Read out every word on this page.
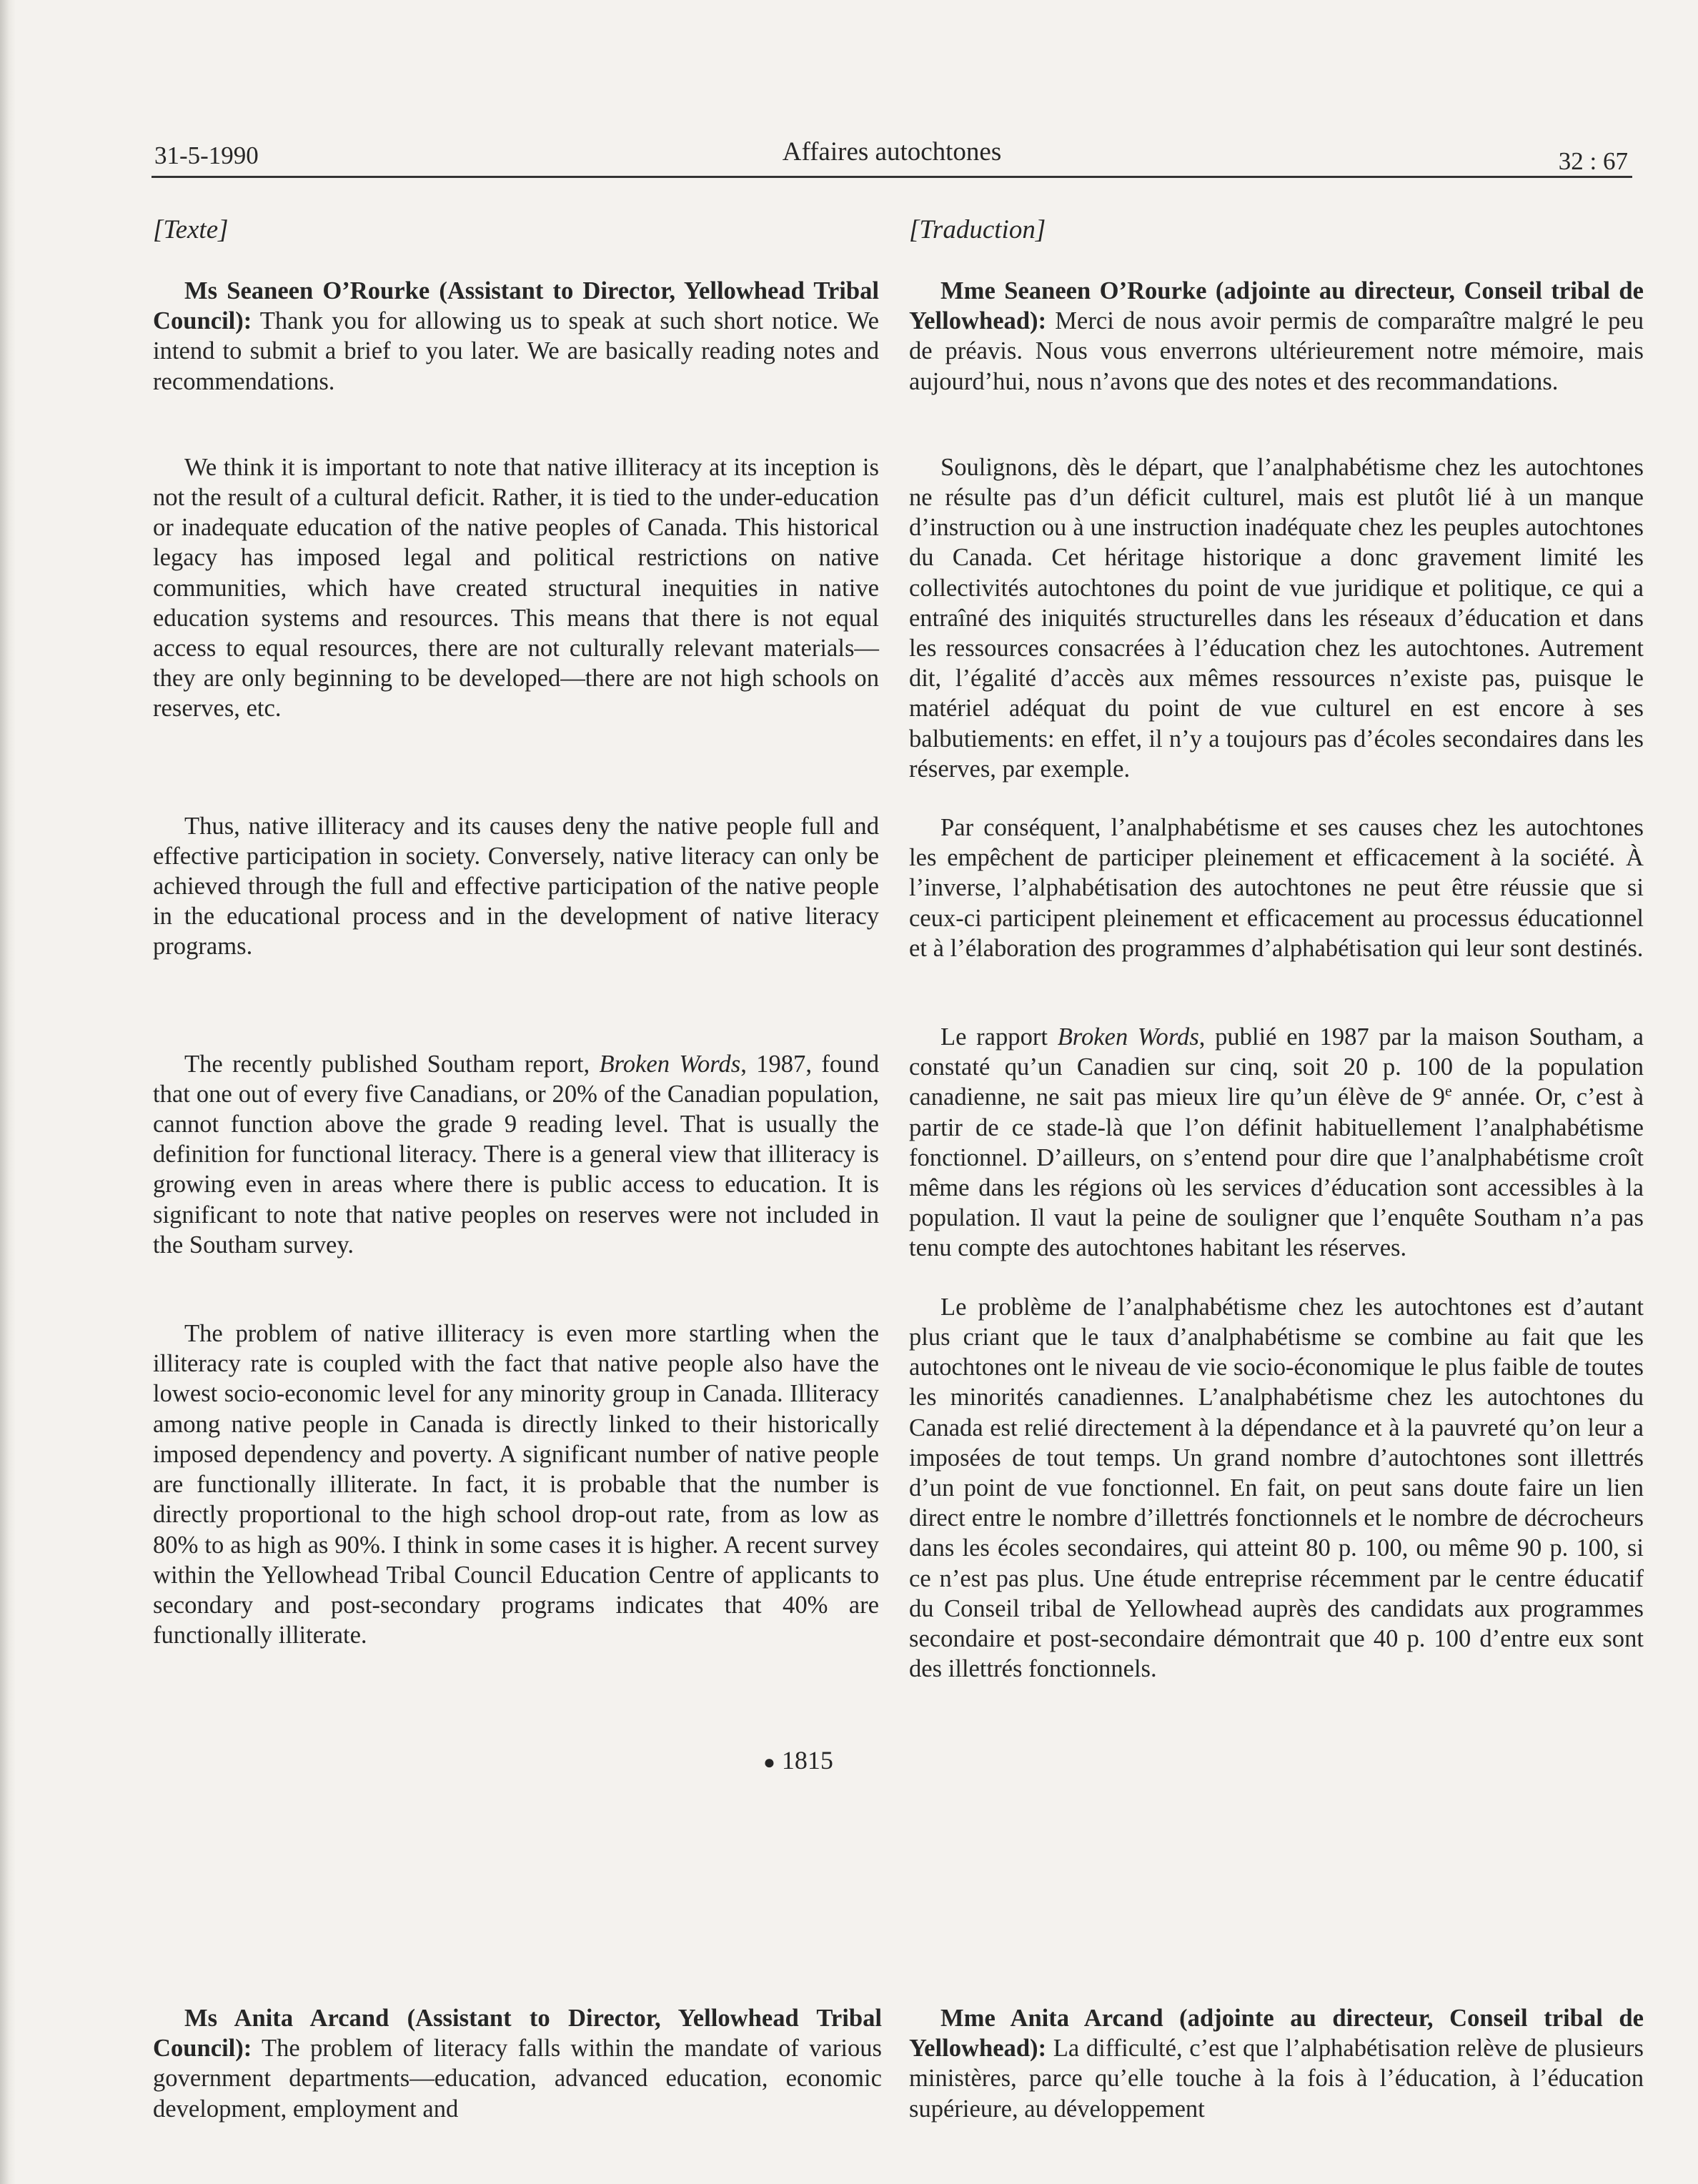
31-5-1990	Affaires autochtones	32 : 67
[Texte]

Ms Seaneen O’Rourke (Assistant to Director, Yellowhead Tribal Council): Thank you for allowing us to speak at such short notice. We intend to submit a brief to you later. We are basically reading notes and recommendations.

We think it is important to note that native illiteracy at its inception is not the result of a cultural deficit. Rather, it is tied to the under-education or inadequate education of the native peoples of Canada. This historical legacy has imposed legal and political restrictions on native communities, which have created structural inequities in native education systems and resources. This means that there is not equal access to equal resources, there are not culturally relevant materials—they are only beginning to be developed—there are not high schools on reserves, etc.

Thus, native illiteracy and its causes deny the native people full and effective participation in society. Conversely, native literacy can only be achieved through the full and effective participation of the native people in the educational process and in the development of native literacy programs.

The recently published Southam report, Broken Words, 1987, found that one out of every five Canadians, or 20% of the Canadian population, cannot function above the grade 9 reading level. That is usually the definition for functional literacy. There is a general view that illiteracy is growing even in areas where there is public access to education. It is significant to note that native peoples on reserves were not included in the Southam survey.

The problem of native illiteracy is even more startling when the illiteracy rate is coupled with the fact that native people also have the lowest socio-economic level for any minority group in Canada. Illiteracy among native people in Canada is directly linked to their historically imposed dependency and poverty. A significant number of native people are functionally illiterate. In fact, it is probable that the number is directly proportional to the high school drop-out rate, from as low as 80% to as high as 90%. I think in some cases it is higher. A recent survey within the Yellowhead Tribal Council Education Centre of applicants to secondary and post-secondary programs indicates that 40% are functionally illiterate.

● 1815
[Traduction]

Mme Seaneen O’Rourke (adjointe au directeur, Conseil tribal de Yellowhead): Merci de nous avoir permis de comparaître malgré le peu de préavis. Nous vous enverrons ultérieurement notre mémoire, mais aujourd’hui, nous n’avons que des notes et des recommandations.

Soulignons, dès le départ, que l’analphabétisme chez les autochtones ne résulte pas d’un déficit culturel, mais est plutôt lié à un manque d’instruction ou à une instruction inadéquate chez les peuples autochtones du Canada. Cet héritage historique a donc gravement limité les collectivités autochtones du point de vue juridique et politique, ce qui a entraîné des iniquités structurelles dans les réseaux d’éducation et dans les ressources consacrées à l’éducation chez les autochtones. Autrement dit, l’égalité d’accès aux mêmes ressources n’existe pas, puisque le matériel adéquat du point de vue culturel en est encore à ses balbutiements: en effet, il n’y a toujours pas d’écoles secondaires dans les réserves, par exemple.

Par conséquent, l’analphabétisme et ses causes chez les autochtones les empêchent de participer pleinement et efficacement à la société. À l’inverse, l’alphabétisation des autochtones ne peut être réussie que si ceux-ci participent pleinement et efficacement au processus éducationnel et à l’élaboration des programmes d’alphabétisation qui leur sont destinés.

Le rapport Broken Words, publié en 1987 par la maison Southam, a constaté qu’un Canadien sur cinq, soit 20 p. 100 de la population canadienne, ne sait pas mieux lire qu’un élève de 9e année. Or, c’est à partir de ce stade-là que l’on définit habituellement l’analphabétisme fonctionnel. D’ailleurs, on s’entend pour dire que l’analphabétisme croît même dans les régions où les services d’éducation sont accessibles à la population. Il vaut la peine de souligner que l’enquête Southam n’a pas tenu compte des autochtones habitant les réserves.

Le problème de l’analphabétisme chez les autochtones est d’autant plus criant que le taux d’analphabétisme se combine au fait que les autochtones ont le niveau de vie socio-économique le plus faible de toutes les minorités canadiennes. L’analphabétisme chez les autochtones du Canada est relié directement à la dépendance et à la pauvreté qu’on leur a imposées de tout temps. Un grand nombre d’autochtones sont illettrés d’un point de vue fonctionnel. En fait, on peut sans doute faire un lien direct entre le nombre d’illettrés fonctionnels et le nombre de décrocheurs dans les écoles secondaires, qui atteint 80 p. 100, ou même 90 p. 100, si ce n’est pas plus. Une étude entreprise récemment par le centre éducatif du Conseil tribal de Yellowhead auprès des candidats aux programmes secondaire et post-secondaire démontrait que 40 p. 100 d’entre eux sont des illettrés fonctionnels.

Ms Anita Arcand (Assistant to Director, Yellowhead Tribal Council): The problem of literacy falls within the mandate of various government departments—education, advanced education, economic development, employment and

Mme Anita Arcand (adjointe au directeur, Conseil tribal de Yellowhead): La difficulté, c’est que l’alphabétisation relève de plusieurs ministères, parce qu’elle touche à la fois à l’éducation, à l’éducation supérieure, au développement
